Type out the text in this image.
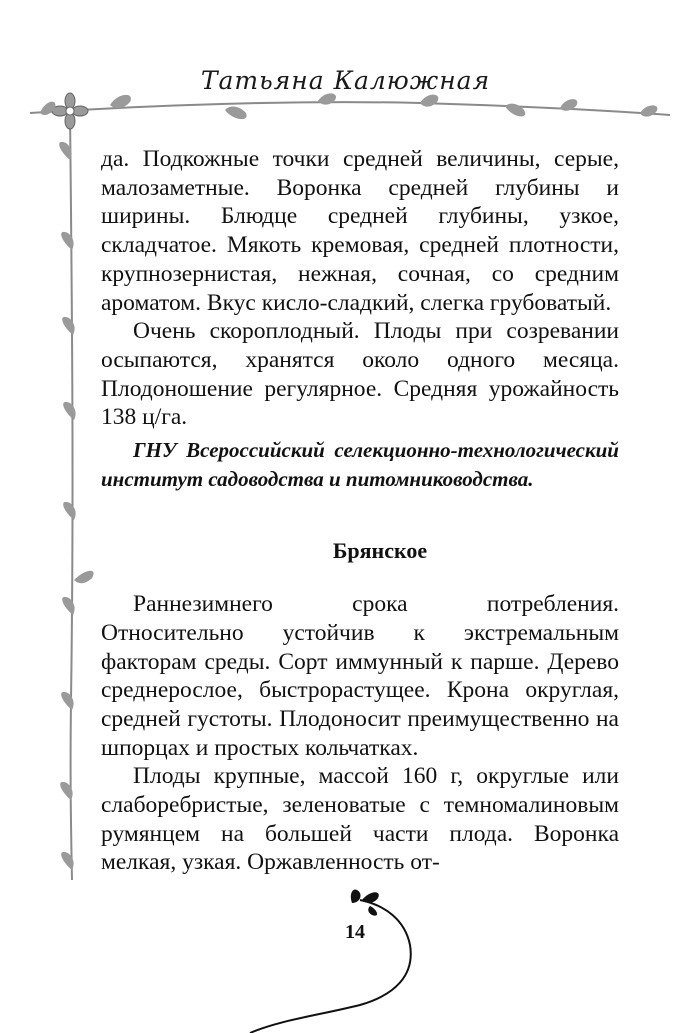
Татьяна Калюжная

да. Подкожные точки средней величины, серые, малозаметные. Воронка средней глубины и ширины. Блюдце средней глубины, узкое, складчатое. Мякоть кремовая, средней плотности, крупнозернистая, нежная, сочная, со средним ароматом. Вкус кисло-сладкий, слегка грубоватый.

Очень скороплодный. Плоды при созревании осыпаются, хранятся около одного месяца. Плодоношение регулярное. Средняя урожайность 138 ц/га.

ГНУ Всероссийский селекционно-технологический институт садоводства и питомниководства.

Брянское

Раннезимнего срока потребления. Относительно устойчив к экстремальным факторам среды. Сорт иммунный к парше. Дерево среднерослое, быстрорастущее. Крона округлая, средней густоты. Плодоносит преимущественно на шпорцах и простых кольчатках.

Плоды крупные, массой 160 г, округлые или слаборебристые, зеленоватые с темномалиновым румянцем на большей части плода. Воронка мелкая, узкая. Оржавленность от-

14
